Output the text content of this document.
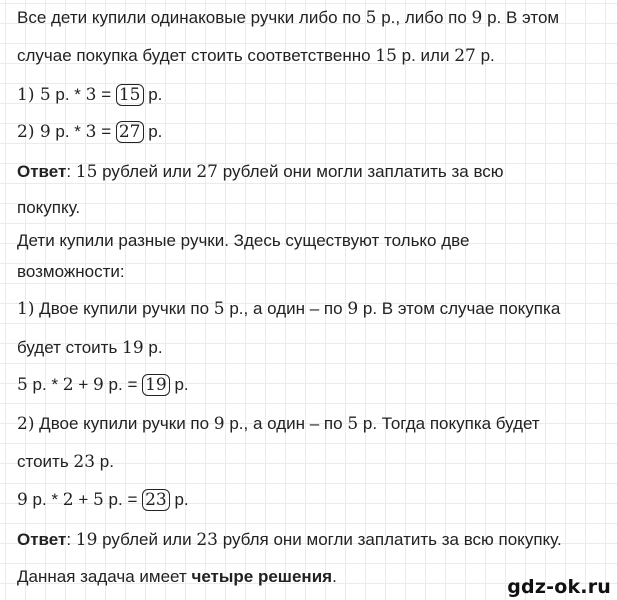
Все дети купили одинаковые ручки либо по 5 р., либо по 9 р. В этом
случае покупка будет стоить соответственно 15 р. или 27 р.
1) 5 р. * 3 = 15 р.
2) 9 р. * 3 = 27 р.
Ответ: 15 рублей или 27 рублей они могли заплатить за всю
покупку.
Дети купили разные ручки. Здесь существуют только две
возможности:
1) Двое купили ручки по 5 р., а один – по 9 р. В этом случае покупка
будет стоить 19 р.
5 р. * 2 + 9 р. = 19 р.
2) Двое купили ручки по 9 р., а один – по 5 р. Тогда покупка будет
стоить 23 р.
9 р. * 2 + 5 р. = 23 р.
Ответ: 19 рублей или 23 рубля они могли заплатить за всю покупку.
Данная задача имеет четыре решения.	gdz-ok.ru
